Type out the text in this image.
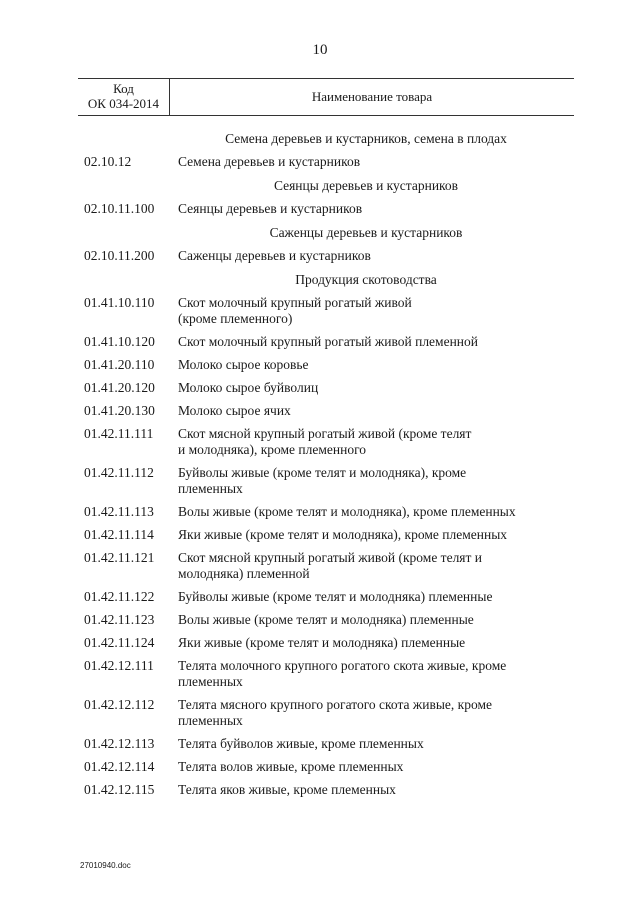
10
Код
ОК 034-2014	Наименование товара
Семена деревьев и кустарников, семена в плодах
02.10.12	Семена деревьев и кустарников
Сеянцы деревьев и кустарников
02.10.11.100	Сеянцы деревьев и кустарников
Саженцы деревьев и кустарников
02.10.11.200	Саженцы деревьев и кустарников
Продукция скотоводства
01.41.10.110	Скот молочный крупный рогатый живой
(кроме племенного)
01.41.10.120	Скот молочный крупный рогатый живой племенной
01.41.20.110	Молоко сырое коровье
01.41.20.120	Молоко сырое буйволиц
01.41.20.130	Молоко сырое ячих
01.42.11.111	Скот мясной крупный рогатый живой (кроме телят
и молодняка), кроме племенного
01.42.11.112	Буйволы живые (кроме телят и молодняка), кроме
племенных
01.42.11.113	Волы живые (кроме телят и молодняка), кроме племенных
01.42.11.114	Яки живые (кроме телят и молодняка), кроме племенных
01.42.11.121	Скот мясной крупный рогатый живой (кроме телят и
молодняка) племенной
01.42.11.122	Буйволы живые (кроме телят и молодняка) племенные
01.42.11.123	Волы живые (кроме телят и молодняка) племенные
01.42.11.124	Яки живые (кроме телят и молодняка) племенные
01.42.12.111	Телята молочного крупного рогатого скота живые, кроме
племенных
01.42.12.112	Телята мясного крупного рогатого скота живые, кроме
племенных
01.42.12.113	Телята буйволов живые, кроме племенных
01.42.12.114	Телята волов живые, кроме племенных
01.42.12.115	Телята яков живые, кроме племенных
27010940.doc
